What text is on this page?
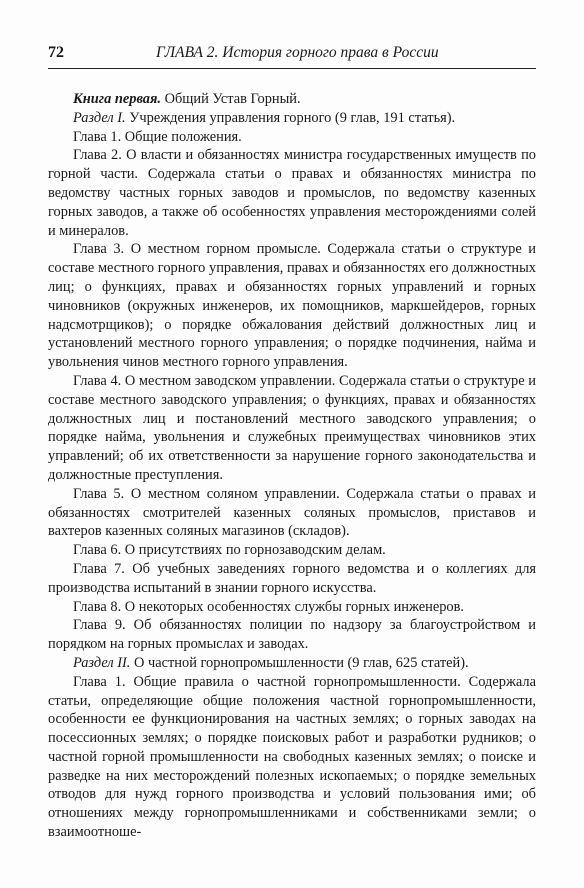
72	ГЛАВА 2. История горного права в России

Книга первая. Общий Устав Горный.

Раздел I. Учреждения управления горного (9 глав, 191 статья).

Глава 1. Общие положения.

Глава 2. О власти и обязанностях министра государственных имуществ по горной части. Содержала статьи о правах и обязанностях министра по ведомству частных горных заводов и промыслов, по ведомству казенных горных заводов, а также об особенностях управления месторождениями солей и минералов.

Глава 3. О местном горном промысле. Содержала статьи о структуре и составе местного горного управления, правах и обязанностях его должностных лиц; о функциях, правах и обязанностях горных управлений и горных чиновников (окружных инженеров, их помощников, маркшейдеров, горных надсмотрщиков); о порядке обжалования действий должностных лиц и установлений местного горного управления; о порядке подчинения, найма и увольнения чинов местного горного управления.

Глава 4. О местном заводском управлении. Содержала статьи о структуре и составе местного заводского управления; о функциях, правах и обязанностях должностных лиц и постановлений местного заводского управления; о порядке найма, увольнения и служебных преимуществах чиновников этих управлений; об их ответственности за нарушение горного законодательства и должностные преступления.

Глава 5. О местном соляном управлении. Содержала статьи о правах и обязанностях смотрителей казенных соляных промыслов, приставов и вахтеров казенных соляных магазинов (складов).

Глава 6. О присутствиях по горнозаводским делам.

Глава 7. Об учебных заведениях горного ведомства и о коллегиях для производства испытаний в знании горного искусства.

Глава 8. О некоторых особенностях службы горных инженеров.

Глава 9. Об обязанностях полиции по надзору за благоустройством и порядком на горных промыслах и заводах.

Раздел II. О частной горнопромышленности (9 глав, 625 статей).

Глава 1. Общие правила о частной горнопромышленности. Содержала статьи, определяющие общие положения частной горнопромышленности, особенности ее функционирования на частных землях; о горных заводах на посессионных землях; о порядке поисковых работ и разработки рудников; о частной горной промышленности на свободных казенных землях; о поиске и разведке на них месторождений полезных ископаемых; о порядке земельных отводов для нужд горного производства и условий пользования ими; об отношениях между горнопромышленниками и собственниками земли; о взаимоотноше-
